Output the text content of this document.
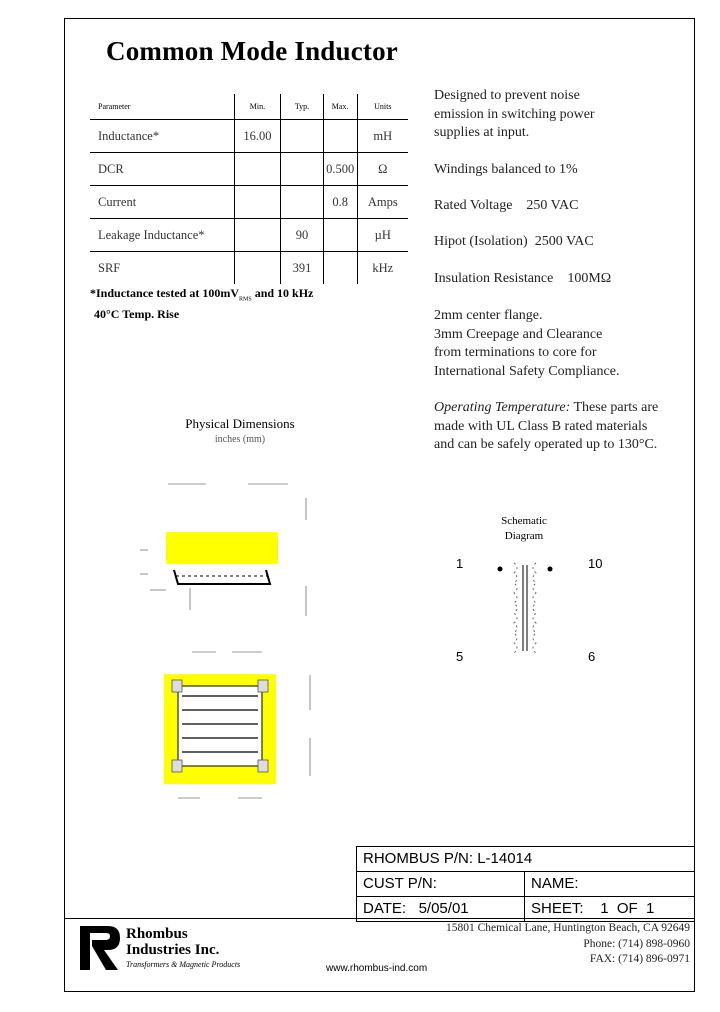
Common Mode Inductor
Parameter	Min.	Typ.	Max.	Units
Inductance*	16.00			mH
DCR			0.500	Ω
Current			0.8	Amps
Leakage Inductance*		90		µH
SRF		391		kHz
*Inductance tested at $100mV_{RMS}$ and 10 kHz
40°C Temp. Rise
Designed to prevent noise
emission in switching power
supplies at input.
Windings balanced to 1%
Rated Voltage    250 VAC
Hipot (Isolation)  2500 VAC
Insulation Resistance    100MΩ
2mm center flange.
3mm Creepage and Clearance
from terminations to core for
International Safety Compliance.
Operating Temperature: These parts are
made with UL Class B rated materials
and can be safely operated up to 130°C.
Physical Dimensions
inches (mm)
Schematic
Diagram
1	10
5	6
RHOMBUS P/N: L-14014
CUST P/N:	NAME:
DATE: 5/05/01	SHEET: 1  OF  1
Rhombus
Industries Inc.
Transformers & Magnetic Products
15801 Chemical Lane, Huntington Beach, CA 92649
Phone: (714) 898-0960
FAX: (714) 896-0971
www.rhombus-ind.com
